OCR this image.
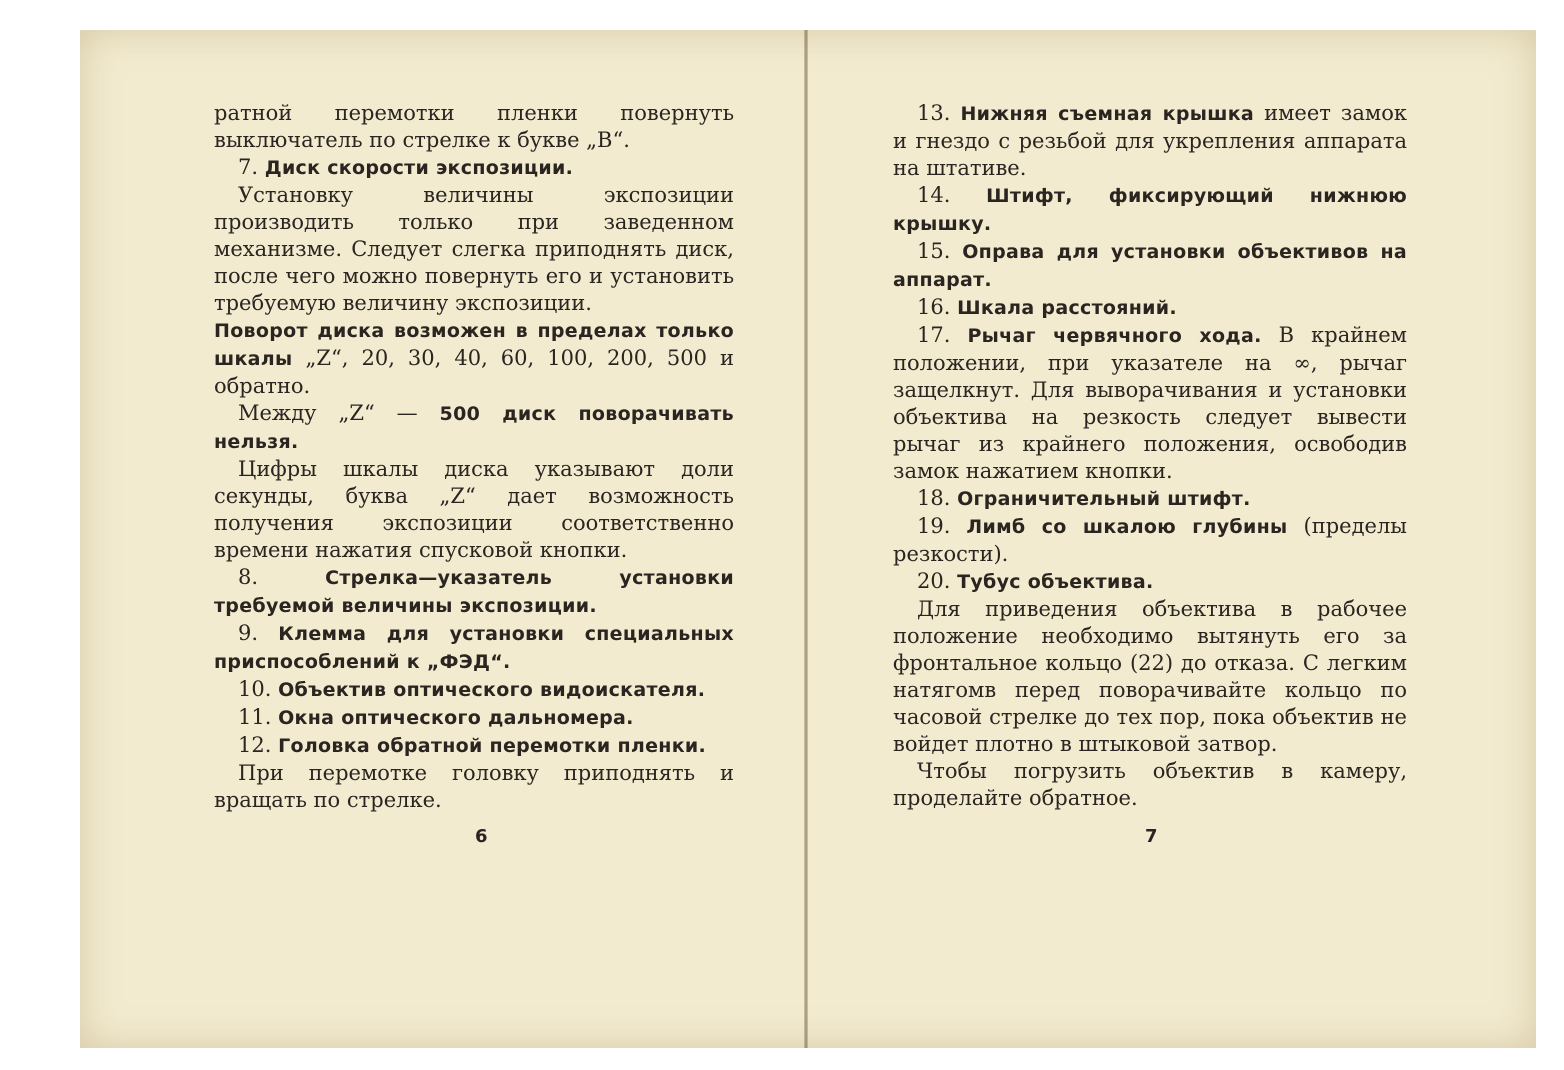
ратной перемотки пленки повернуть выключатель по стрелке к букве „В“.

7. Диск скорости экспозиции.

Установку величины экспозиции производить только при заведенном механизме. Следует слегка приподнять диск, после чего можно повернуть его и установить требуемую величину экспозиции.

Поворот диска возможен в пределах только шкалы „Z“, 20, 30, 40, 60, 100, 200, 500 и обратно.

Между „Z“ — 500 диск поворачивать нельзя.

Цифры шкалы диска указывают доли секунды, буква „Z“ дает возможность получения экспозиции соответственно времени нажатия спусковой кнопки.

8. Стрелка—указатель установки требуемой величины экспозиции.

9. Клемма для установки специальных приспособлений к „ФЭД“.

10. Объектив оптического видоискателя.

11. Окна оптического дальномера.

12. Головка обратной перемотки пленки.

При перемотке головку приподнять и вращать по стрелке.

6

13. Нижняя съемная крышка имеет замок и гнездо с резьбой для укрепления аппарата на штативе.

14. Штифт, фиксирующий нижнюю крышку.

15. Оправа для установки объективов на аппарат.

16. Шкала расстояний.

17. Рычаг червячного хода. В крайнем положении, при указателе на ∞, рычаг защелкнут. Для выворачивания и установки объектива на резкость следует вывести рычаг из крайнего положения, освободив замок нажатием кнопки.

18. Ограничительный штифт.

19. Лимб со шкалою глубины (пределы резкости).

20. Тубус объектива.

Для приведения объектива в рабочее положение необходимо вытянуть его за фронтальное кольцо (22) до отказа. С легким натягомв перед поворачивайте кольцо по часовой стрелке до тех пор, пока объектив не войдет плотно в штыковой затвор.

Чтобы погрузить объектив в камеру, проделайте обратное.

7
